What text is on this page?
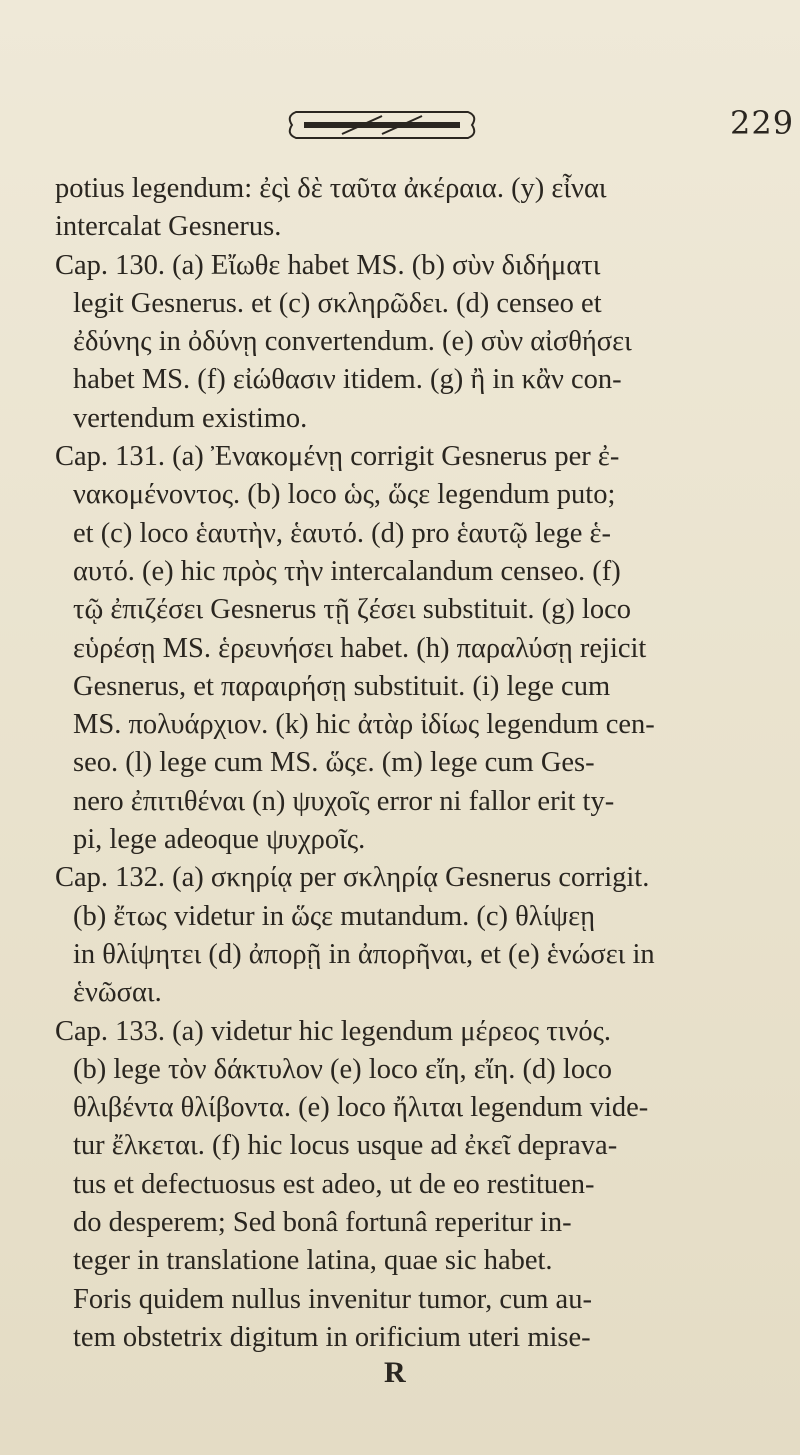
229
potius legendum: ἐςὶ δὲ ταῦτα ἀκέραια. (y) εἶναι
intercalat Gesnerus.
Cap. 130. (a) Εἴωθε habet MS. (b) σὺν διδήματι
legit Gesnerus. et (c) σκληρῶδει. (d) censeo et
ἐδύνης in ὀδύνῃ convertendum. (e) σὺν αἰσθήσει
habet MS. (f) εἰώθασιν itidem. (g) ἢ in κἂν con-
vertendum existimo.
Cap. 131. (a) Ἐνακομένῃ corrigit Gesnerus per ἐ-
νακομένοντος. (b) loco ὡς, ὥςε legendum puto;
et (c) loco ἑαυτὴν, ἑαυτό. (d) pro ἑαυτῷ lege ἑ-
αυτό. (e) hic πρὸς τὴν intercalandum censeo. (f)
τῷ ἐπιζέσει Gesnerus τῇ ζέσει substituit. (g) loco
εὑρέσῃ MS. ἑρευνήσει habet. (h) παραλύσῃ rejicit
Gesnerus, et παραιρήσῃ substituit. (i) lege cum
MS. πολυάρχιον. (k) hic ἀτὰρ ἰδίως legendum cen-
seo. (l) lege cum MS. ὥςε. (m) lege cum Ges-
nero ἐπιτιθέναι (n) ψυχοῖς error ni fallor erit ty-
pi, lege adeoque ψυχροῖς.
Cap. 132. (a) σκηρίᾳ per σκληρίᾳ Gesnerus corrigit.
(b) ἔτως videtur in ὥςε mutandum. (c) θλίψεῃ
in θλίψητει (d) ἀπορῇ in ἀπορῆναι, et (e) ἑνώσει in
ἑνῶσαι.
Cap. 133. (a) videtur hic legendum μέρεος τινός.
(b) lege τὸν δάκτυλον (e) loco εἴη, εἴη. (d) loco
θλιβέντα θλίβοντα. (e) loco ἤλιται legendum vide-
tur ἔλκεται. (f) hic locus usque ad ἐκεῖ deprava-
tus et defectuosus est adeo, ut de eo restituen-
do desperem; Sed bonâ fortunâ reperitur in-
teger in translatione latina, quae sic habet.
Foris quidem nullus invenitur tumor, cum au-
tem obstetrix digitum in orificium uteri mise-
R
